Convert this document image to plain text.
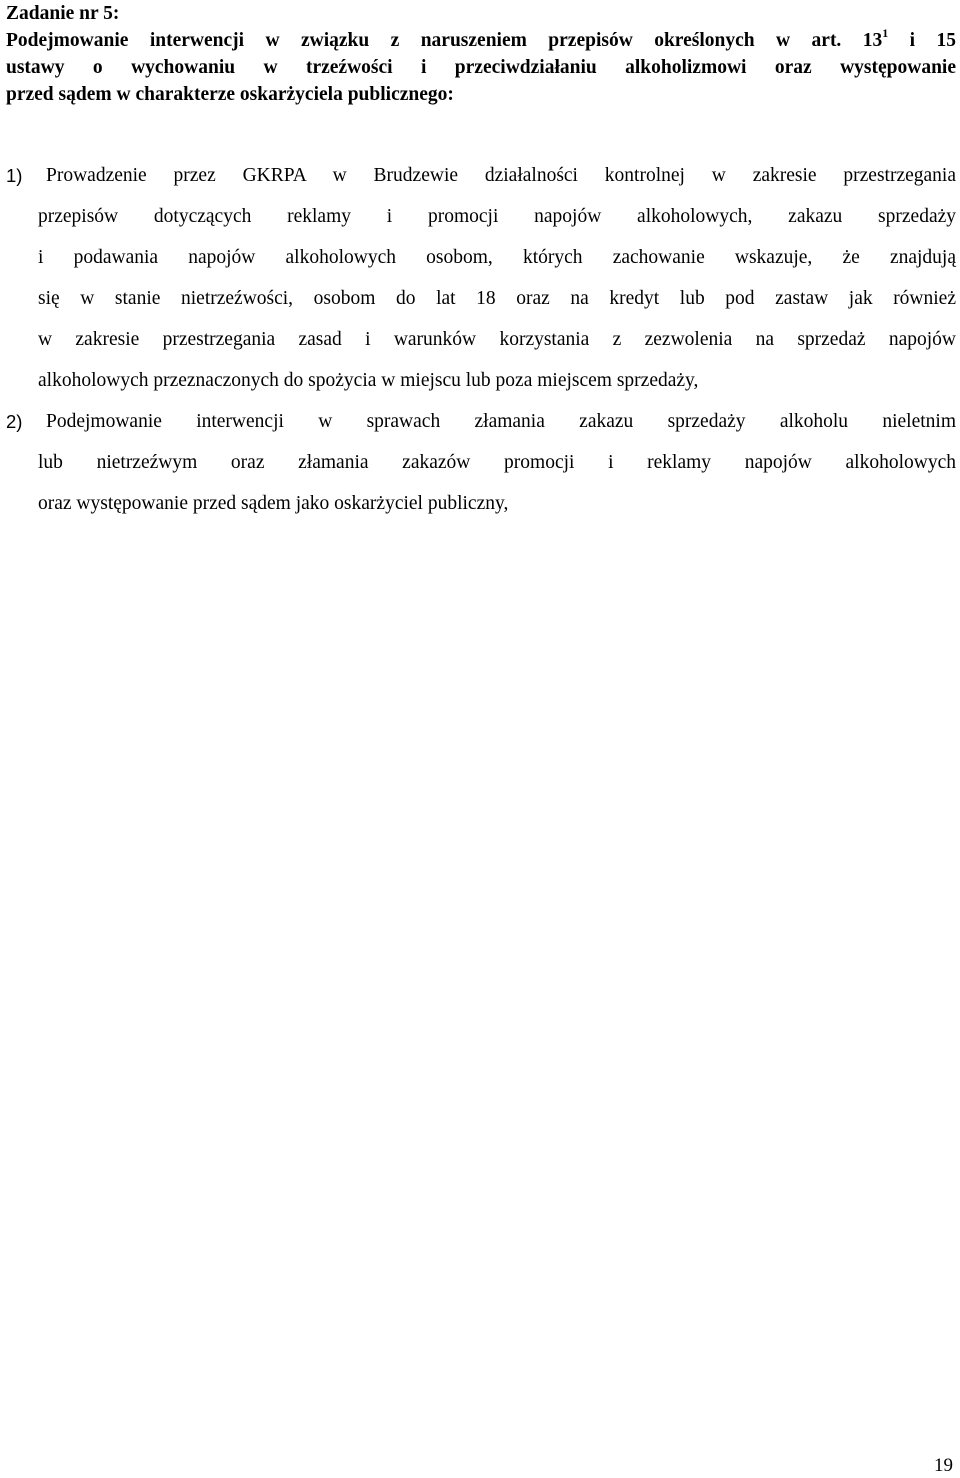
Zadanie nr 5:
Podejmowanie interwencji w związku z naruszeniem przepisów określonych w art. $13^1$ i 15
ustawy o wychowaniu w trzeźwości i przeciwdziałaniu alkoholizmowi oraz występowanie
przed sądem w charakterze oskarżyciela publicznego:
1) Prowadzenie przez GKRPA w Brudzewie działalności kontrolnej w zakresie przestrzegania
przepisów dotyczących reklamy i promocji napojów alkoholowych, zakazu sprzedaży
i podawania napojów alkoholowych osobom, których zachowanie wskazuje, że znajdują
się w stanie nietrzeźwości, osobom do lat 18 oraz na kredyt lub pod zastaw jak również
w zakresie przestrzegania zasad i warunków korzystania z zezwolenia na sprzedaż napojów
alkoholowych przeznaczonych do spożycia w miejscu lub poza miejscem sprzedaży,
2) Podejmowanie interwencji w sprawach złamania zakazu sprzedaży alkoholu nieletnim
lub nietrzeźwym oraz złamania zakazów promocji i reklamy napojów alkoholowych
oraz występowanie przed sądem jako oskarżyciel publiczny,
19
